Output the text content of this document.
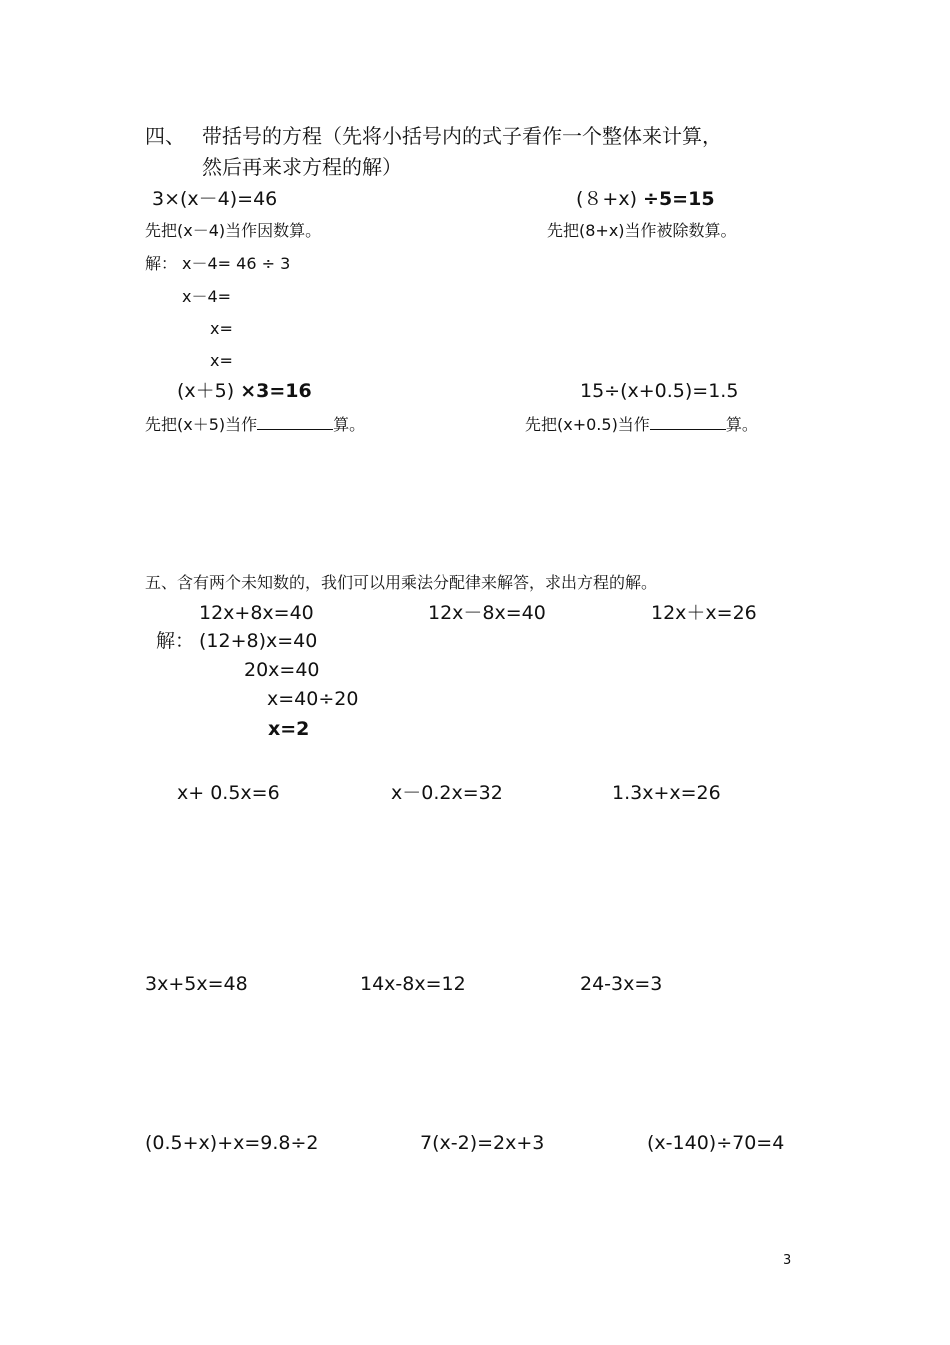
四、 带括号的方程（先将小括号内的式子看作一个整体来计算，
然后再来求方程的解）
3×(x－4)=46
先把(x－4)当作因数算。
解： x－4= 46 ÷ 3
x－4=
x=
x=
(８+x) ÷5=15
先把(8+x)当作被除数算。
(x＋5) ×3=16
先把(x＋5)当作	算。
15÷(x+0.5)=1.5
先把(x+0.5)当作	算。
五、含有两个未知数的，我们可以用乘法分配律来解答，求出方程的解。
12x+8x=40	12x－8x=40	12x＋x=26
解： (12+8)x=40
20x=40
x=40÷20
x=2
x+ 0.5x=6	x－0.2x=32	1.3x+x=26
3x+5x=48	14x-8x=12	24-3x=3
(0.5+x)+x=9.8÷2	7(x-2)=2x+3	(x-140)÷70=4
3
